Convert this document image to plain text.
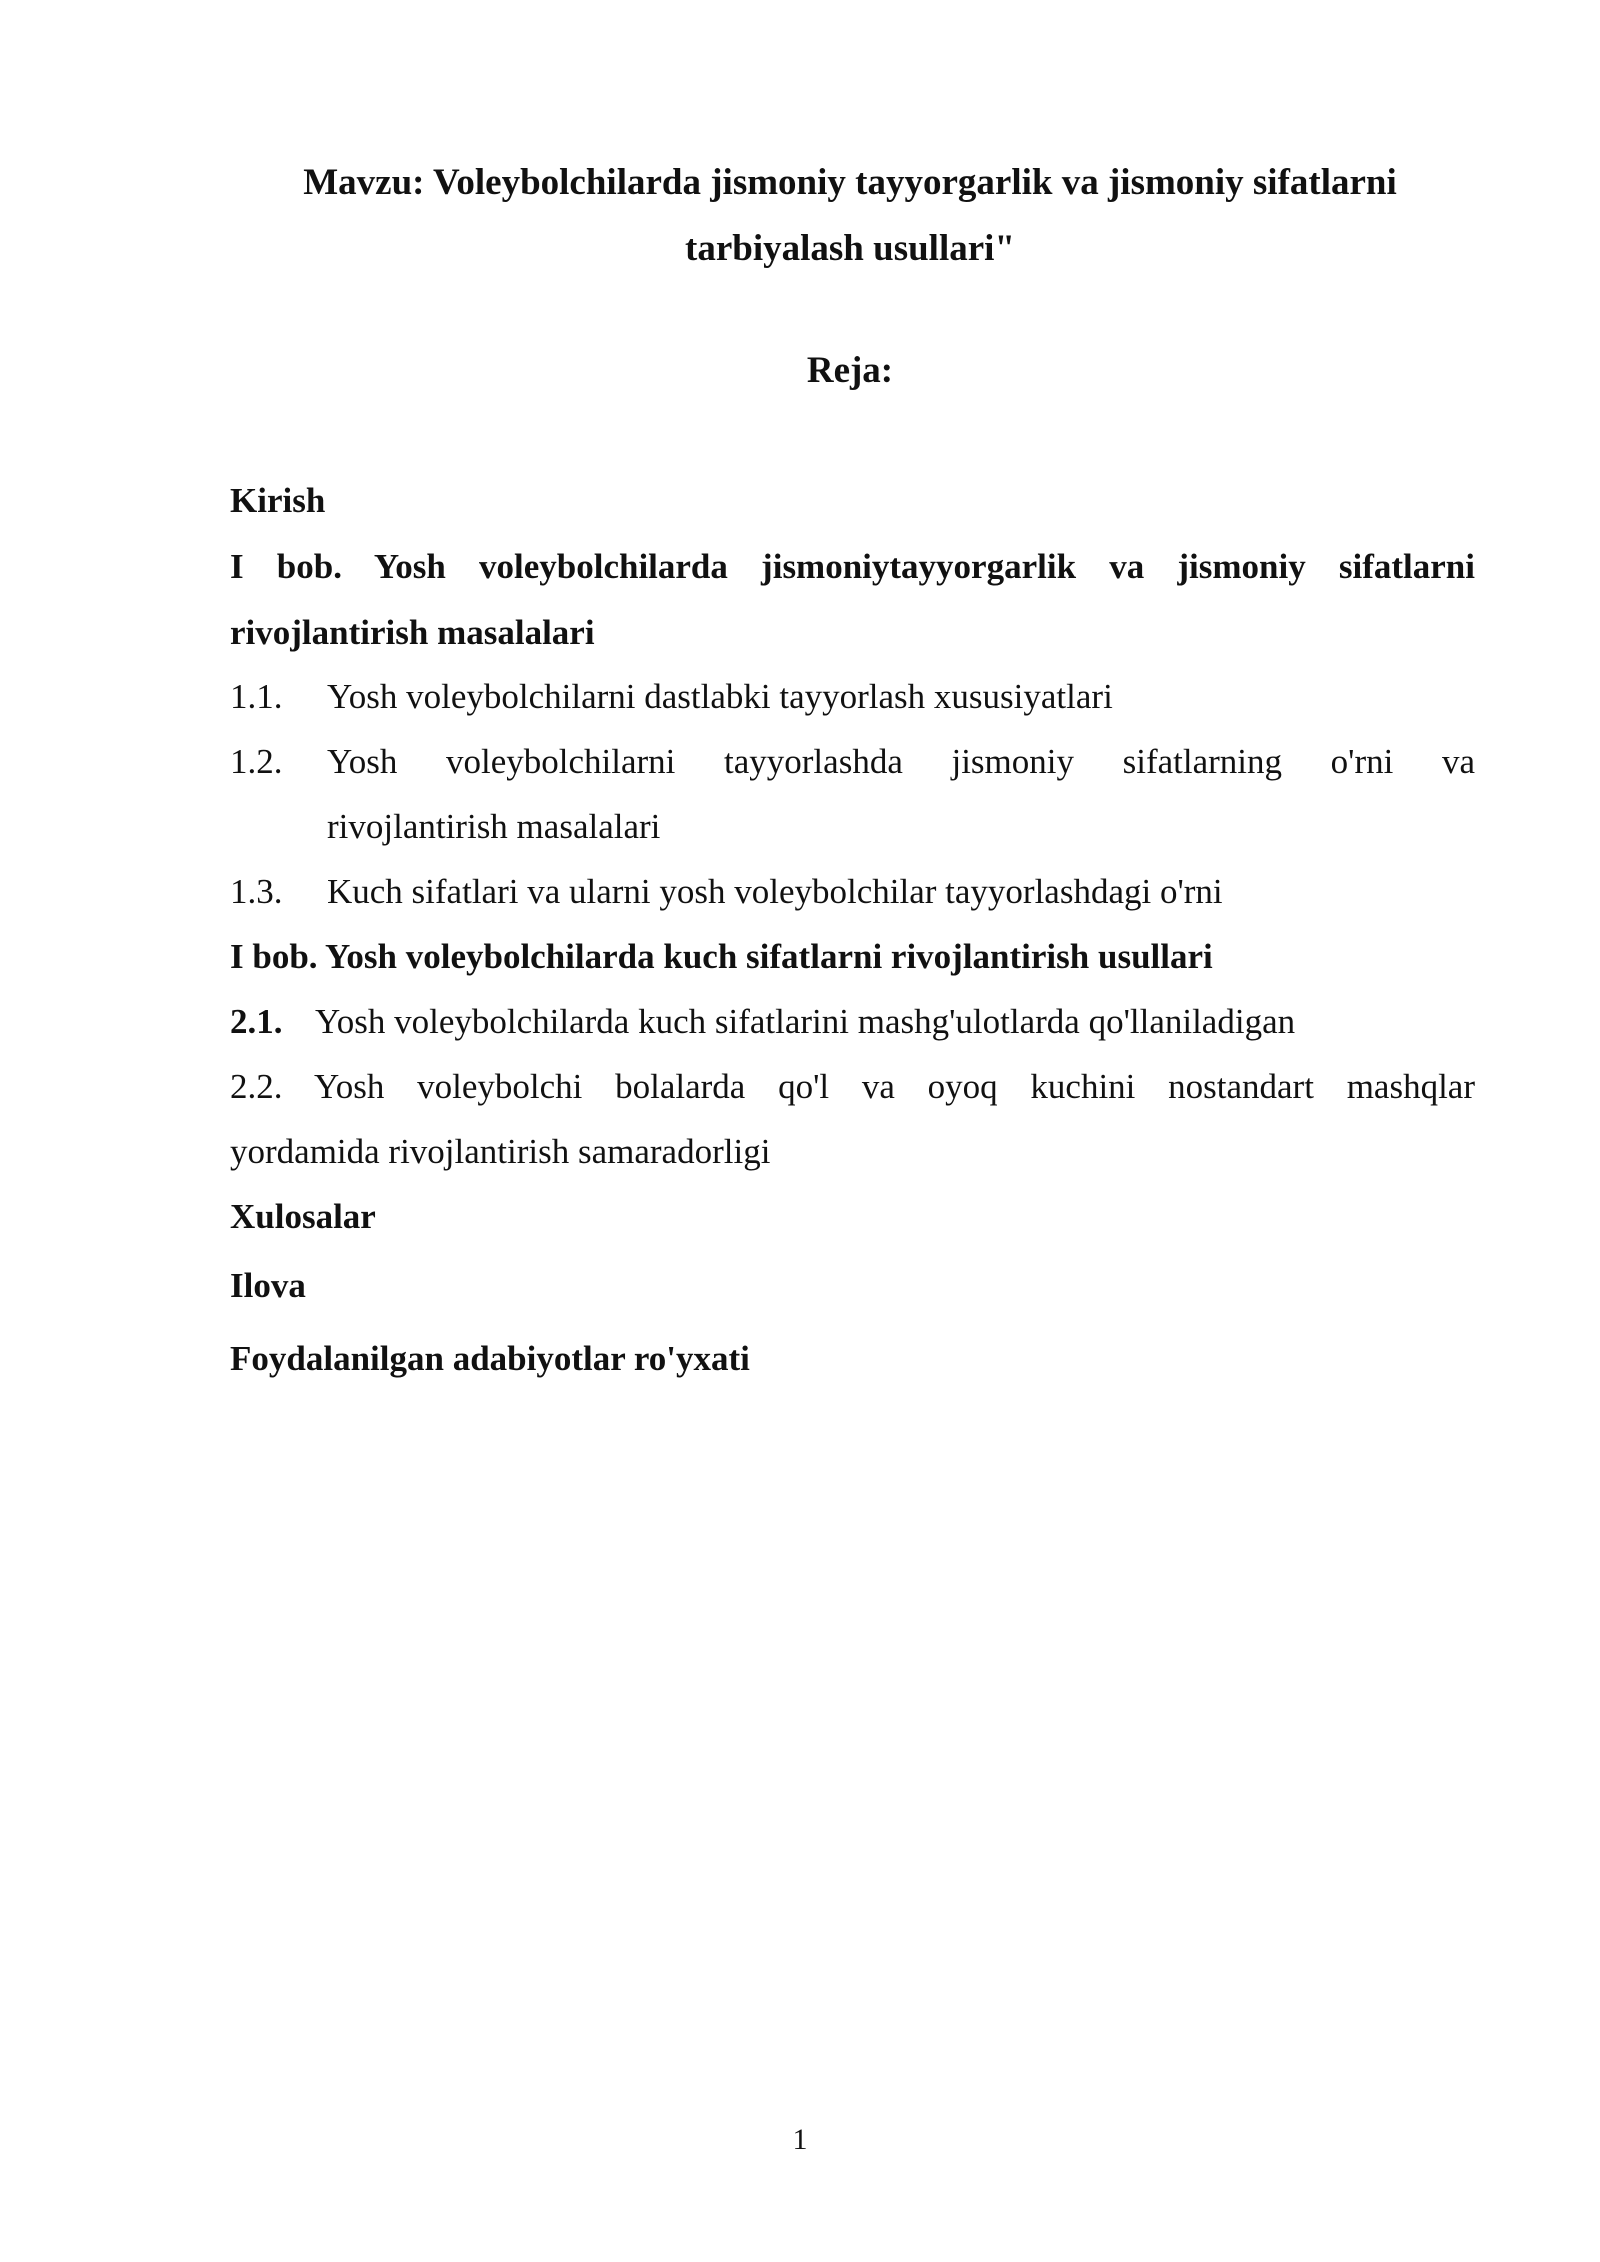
Mavzu: Voleybolchilarda jismoniy tayyorgarlik va jismoniy sifatlarni
tarbiyalash usullari"
Reja:
Kirish
I bob. Yosh voleybolchilarda jismoniytayyorgarlik va jismoniy sifatlarni
rivojlantirish masalalari
1.1. Yosh voleybolchilarni dastlabki tayyorlash xususiyatlari
1.2. Yosh voleybolchilarni tayyorlashda jismoniy sifatlarning o'rni va
rivojlantirish masalalari
1.3. Kuch sifatlari va ularni yosh voleybolchilar tayyorlashdagi o'rni
I bob. Yosh voleybolchilarda kuch sifatlarni rivojlantirish usullari
2.1. Yosh voleybolchilarda kuch sifatlarini mashg'ulotlarda qo'llaniladigan
2.2. Yosh voleybolchi bolalarda qo'l va oyoq kuchini nostandart mashqlar
yordamida rivojlantirish samaradorligi
Xulosalar
Ilova
Foydalanilgan adabiyotlar ro'yxati
1
